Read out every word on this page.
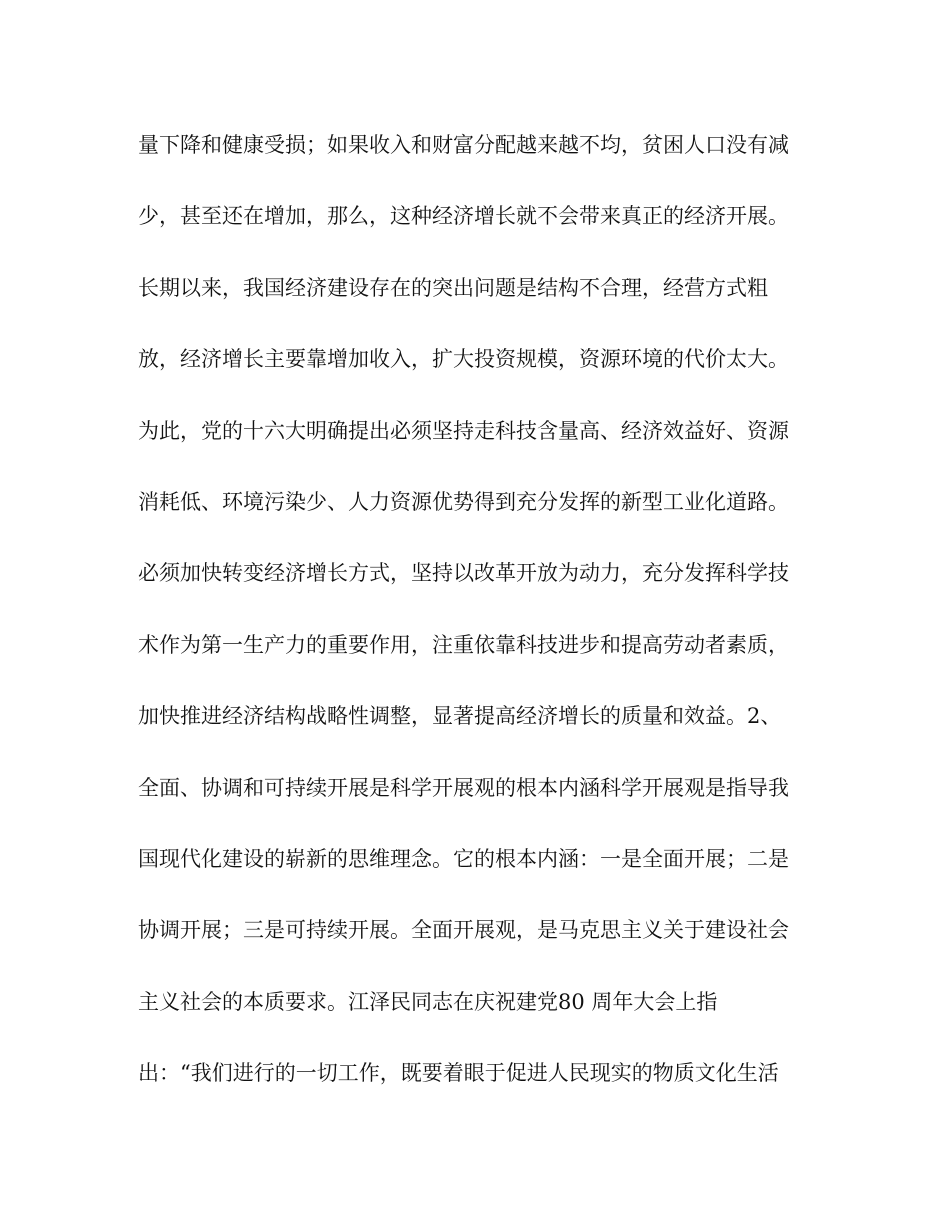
量下降和健康受损；如果收入和财富分配越来越不均，贫困人口没有减

少，甚至还在增加，那么，这种经济增长就不会带来真正的经济开展。

长期以来，我国经济建设存在的突出问题是结构不合理，经营方式粗

放，经济增长主要靠增加收入，扩大投资规模，资源环境的代价太大。

为此，党的十六大明确提出必须坚持走科技含量高、经济效益好、资源

消耗低、环境污染少、人力资源优势得到充分发挥的新型工业化道路。

必须加快转变经济增长方式，坚持以改革开放为动力，充分发挥科学技

术作为第一生产力的重要作用，注重依靠科技进步和提高劳动者素质，

加快推进经济结构战略性调整，显著提高经济增长的质量和效益。2、

全面、协调和可持续开展是科学开展观的根本内涵科学开展观是指导我

国现代化建设的崭新的思维理念。它的根本内涵：一是全面开展；二是

协调开展；三是可持续开展。全面开展观，是马克思主义关于建设社会

主义社会的本质要求。江泽民同志在庆祝建党80 周年大会上指

出：“我们进行的一切工作，既要着眼于促进人民现实的物质文化生活
